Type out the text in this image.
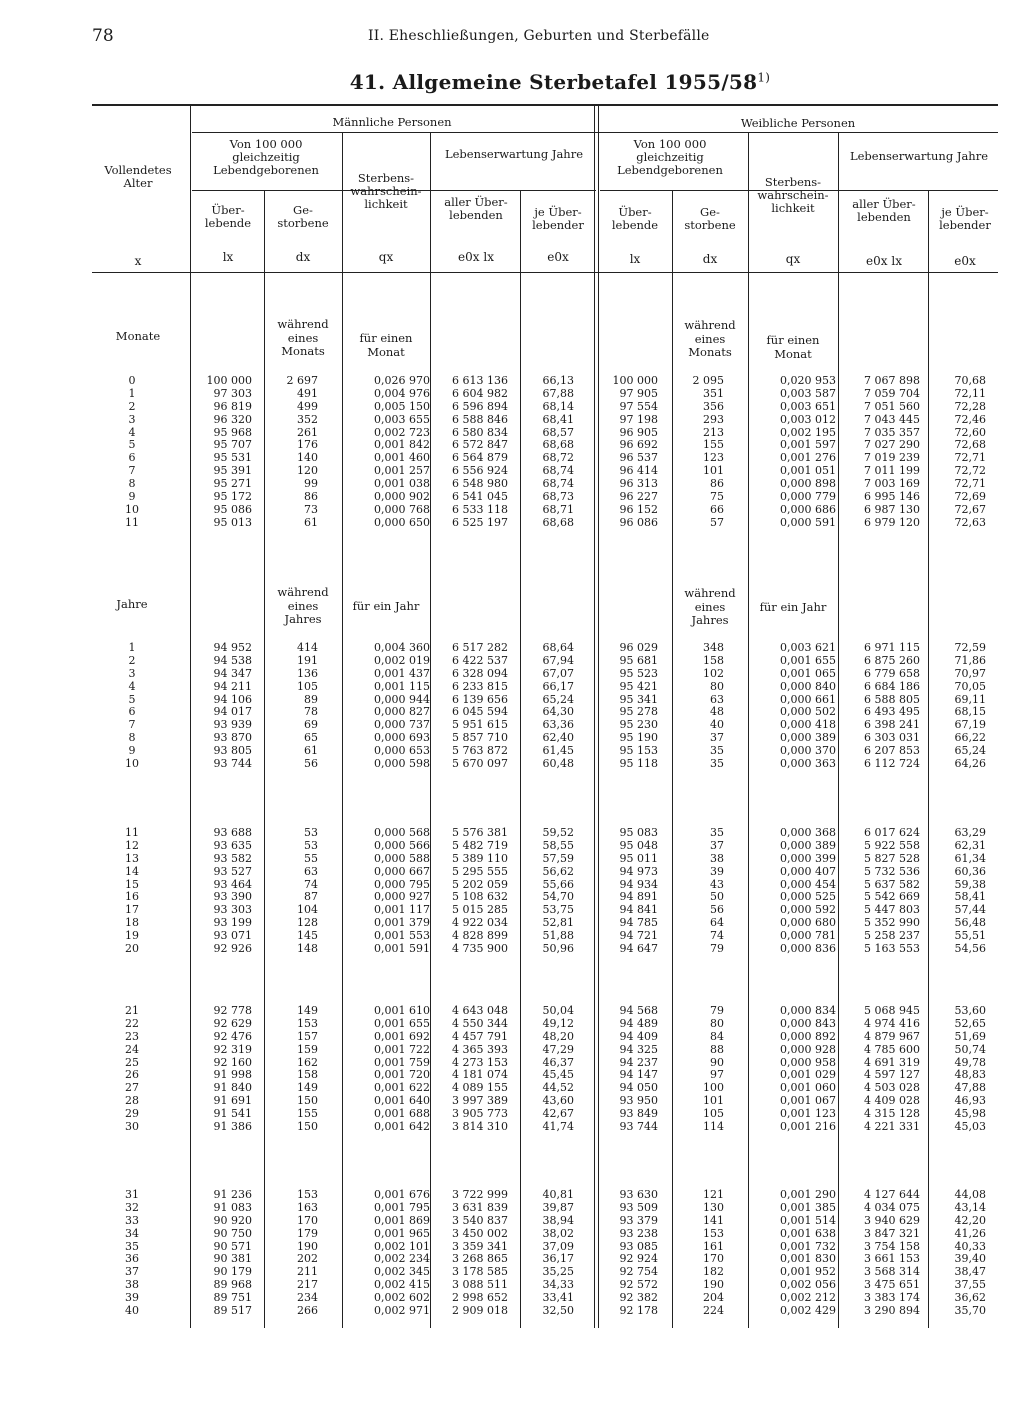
78	II. Eheschließungen, Geburten und Sterbefälle
41. Allgemeine Sterbetafel 1955/58$^{1)}$
Vollendetes Alter
Männliche Personen	Weibliche Personen
Von 100 000 gleichzeitig Lebendgeborenen
Sterbens-wahrschein-lichkeit
Lebenserwartung Jahre
Über-lebende
Ge-storbene
aller Über-lebenden	je Über-lebender
Von 100 000 gleichzeitig Lebendgeborenen
Sterbens-wahrschein-lichkeit
Lebenserwartung Jahre
Über-lebende
Ge-storbene
aller Über-lebenden	je Über-lebender
x	lx	dx	qx	e0x lx	e0x	lx	dx	qx	e0x lx	e0x
Monate
während eines Monats
für einen Monat
während eines Monats
für einen Monat
Jahre
während eines Jahres
für ein Jahr
während eines Jahres
für ein Jahr
0	100 000	2 697	0,026 970	6 613 136	66,13	100 000	2 095	0,020 953	7 067 898	70,68
1	97 303	491	0,004 976	6 604 982	67,88	97 905	351	0,003 587	7 059 704	72,11
2	96 819	499	0,005 150	6 596 894	68,14	97 554	356	0,003 651	7 051 560	72,28
3	96 320	352	0,003 655	6 588 846	68,41	97 198	293	0,003 012	7 043 445	72,46
4	95 968	261	0,002 723	6 580 834	68,57	96 905	213	0,002 195	7 035 357	72,60
5	95 707	176	0,001 842	6 572 847	68,68	96 692	155	0,001 597	7 027 290	72,68
6	95 531	140	0,001 460	6 564 879	68,72	96 537	123	0,001 276	7 019 239	72,71
7	95 391	120	0,001 257	6 556 924	68,74	96 414	101	0,001 051	7 011 199	72,72
8	95 271	99	0,001 038	6 548 980	68,74	96 313	86	0,000 898	7 003 169	72,71
9	95 172	86	0,000 902	6 541 045	68,73	96 227	75	0,000 779	6 995 146	72,69
10	95 086	73	0,000 768	6 533 118	68,71	96 152	66	0,000 686	6 987 130	72,67
11	95 013	61	0,000 650	6 525 197	68,68	96 086	57	0,000 591	6 979 120	72,63
1	94 952	414	0,004 360	6 517 282	68,64	96 029	348	0,003 621	6 971 115	72,59
2	94 538	191	0,002 019	6 422 537	67,94	95 681	158	0,001 655	6 875 260	71,86
3	94 347	136	0,001 437	6 328 094	67,07	95 523	102	0,001 065	6 779 658	70,97
4	94 211	105	0,001 115	6 233 815	66,17	95 421	80	0,000 840	6 684 186	70,05
5	94 106	89	0,000 944	6 139 656	65,24	95 341	63	0,000 661	6 588 805	69,11
6	94 017	78	0,000 827	6 045 594	64,30	95 278	48	0,000 502	6 493 495	68,15
7	93 939	69	0,000 737	5 951 615	63,36	95 230	40	0,000 418	6 398 241	67,19
8	93 870	65	0,000 693	5 857 710	62,40	95 190	37	0,000 389	6 303 031	66,22
9	93 805	61	0,000 653	5 763 872	61,45	95 153	35	0,000 370	6 207 853	65,24
10	93 744	56	0,000 598	5 670 097	60,48	95 118	35	0,000 363	6 112 724	64,26
11	93 688	53	0,000 568	5 576 381	59,52	95 083	35	0,000 368	6 017 624	63,29
12	93 635	53	0,000 566	5 482 719	58,55	95 048	37	0,000 389	5 922 558	62,31
13	93 582	55	0,000 588	5 389 110	57,59	95 011	38	0,000 399	5 827 528	61,34
14	93 527	63	0,000 667	5 295 555	56,62	94 973	39	0,000 407	5 732 536	60,36
15	93 464	74	0,000 795	5 202 059	55,66	94 934	43	0,000 454	5 637 582	59,38
16	93 390	87	0,000 927	5 108 632	54,70	94 891	50	0,000 525	5 542 669	58,41
17	93 303	104	0,001 117	5 015 285	53,75	94 841	56	0,000 592	5 447 803	57,44
18	93 199	128	0,001 379	4 922 034	52,81	94 785	64	0,000 680	5 352 990	56,48
19	93 071	145	0,001 553	4 828 899	51,88	94 721	74	0,000 781	5 258 237	55,51
20	92 926	148	0,001 591	4 735 900	50,96	94 647	79	0,000 836	5 163 553	54,56
21	92 778	149	0,001 610	4 643 048	50,04	94 568	79	0,000 834	5 068 945	53,60
22	92 629	153	0,001 655	4 550 344	49,12	94 489	80	0,000 843	4 974 416	52,65
23	92 476	157	0,001 692	4 457 791	48,20	94 409	84	0,000 892	4 879 967	51,69
24	92 319	159	0,001 722	4 365 393	47,29	94 325	88	0,000 928	4 785 600	50,74
25	92 160	162	0,001 759	4 273 153	46,37	94 237	90	0,000 958	4 691 319	49,78
26	91 998	158	0,001 720	4 181 074	45,45	94 147	97	0,001 029	4 597 127	48,83
27	91 840	149	0,001 622	4 089 155	44,52	94 050	100	0,001 060	4 503 028	47,88
28	91 691	150	0,001 640	3 997 389	43,60	93 950	101	0,001 067	4 409 028	46,93
29	91 541	155	0,001 688	3 905 773	42,67	93 849	105	0,001 123	4 315 128	45,98
30	91 386	150	0,001 642	3 814 310	41,74	93 744	114	0,001 216	4 221 331	45,03
31	91 236	153	0,001 676	3 722 999	40,81	93 630	121	0,001 290	4 127 644	44,08
32	91 083	163	0,001 795	3 631 839	39,87	93 509	130	0,001 385	4 034 075	43,14
33	90 920	170	0,001 869	3 540 837	38,94	93 379	141	0,001 514	3 940 629	42,20
34	90 750	179	0,001 965	3 450 002	38,02	93 238	153	0,001 638	3 847 321	41,26
35	90 571	190	0,002 101	3 359 341	37,09	93 085	161	0,001 732	3 754 158	40,33
36	90 381	202	0,002 234	3 268 865	36,17	92 924	170	0,001 830	3 661 153	39,40
37	90 179	211	0,002 345	3 178 585	35,25	92 754	182	0,001 952	3 568 314	38,47
38	89 968	217	0,002 415	3 088 511	34,33	92 572	190	0,002 056	3 475 651	37,55
39	89 751	234	0,002 602	2 998 652	33,41	92 382	204	0,002 212	3 383 174	36,62
40	89 517	266	0,002 971	2 909 018	32,50	92 178	224	0,002 429	3 290 894	35,70
